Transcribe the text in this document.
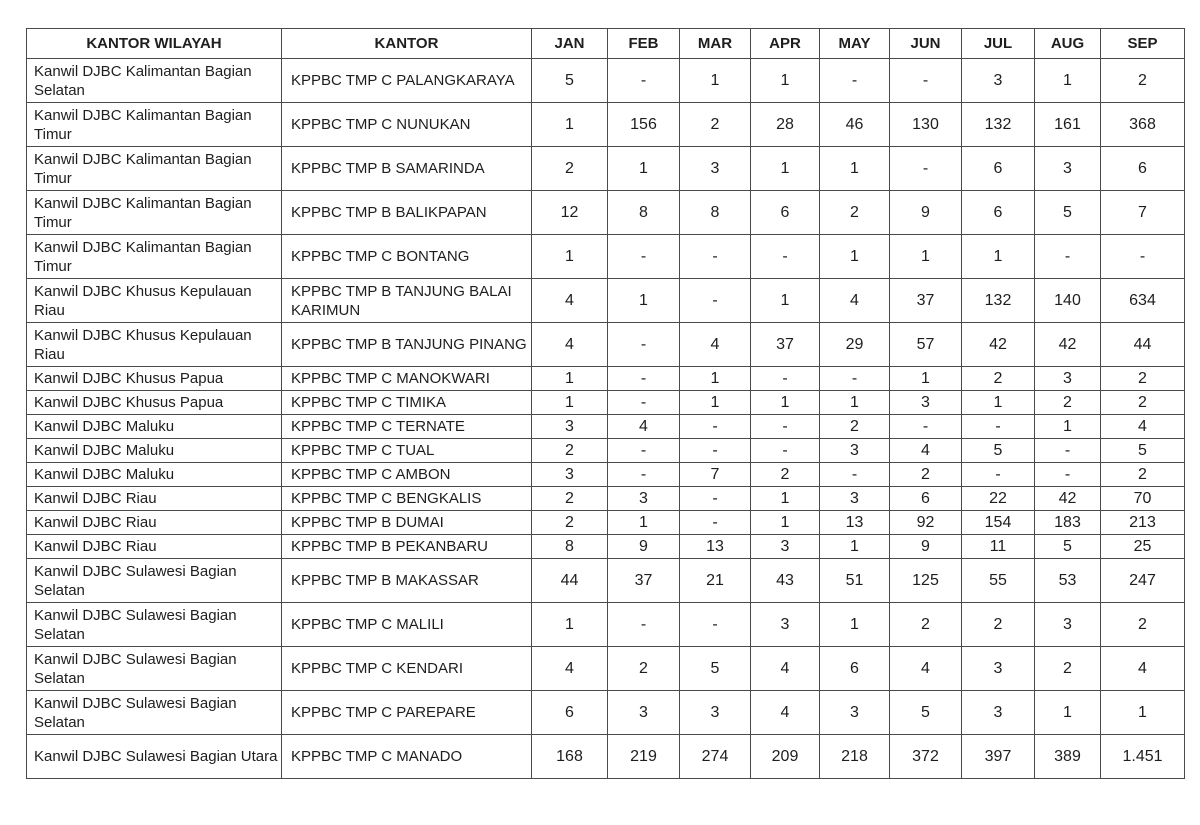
KANTOR WILAYAH	KANTOR	JAN	FEB	MAR	APR	MAY	JUN	JUL	AUG	SEP
Kanwil DJBC Kalimantan Bagian Selatan	KPPBC TMP C PALANGKARAYA	5	-	1	1	-	-	3	1	2
Kanwil DJBC Kalimantan Bagian Timur	KPPBC TMP C NUNUKAN	1	156	2	28	46	130	132	161	368
Kanwil DJBC Kalimantan Bagian Timur	KPPBC TMP B SAMARINDA	2	1	3	1	1	-	6	3	6
Kanwil DJBC Kalimantan Bagian Timur	KPPBC TMP B BALIKPAPAN	12	8	8	6	2	9	6	5	7
Kanwil DJBC Kalimantan Bagian Timur	KPPBC TMP C BONTANG	1	-	-	-	1	1	1	-	-
Kanwil DJBC Khusus Kepulauan Riau	KPPBC TMP B TANJUNG BALAI KARIMUN	4	1	-	1	4	37	132	140	634
Kanwil DJBC Khusus Kepulauan Riau	KPPBC TMP B TANJUNG PINANG	4	-	4	37	29	57	42	42	44
Kanwil DJBC Khusus Papua	KPPBC TMP C MANOKWARI	1	-	1	-	-	1	2	3	2
Kanwil DJBC Khusus Papua	KPPBC TMP C TIMIKA	1	-	1	1	1	3	1	2	2
Kanwil DJBC Maluku	KPPBC TMP C TERNATE	3	4	-	-	2	-	-	1	4
Kanwil DJBC Maluku	KPPBC TMP C TUAL	2	-	-	-	3	4	5	-	5
Kanwil DJBC Maluku	KPPBC TMP C AMBON	3	-	7	2	-	2	-	-	2
Kanwil DJBC Riau	KPPBC TMP C BENGKALIS	2	3	-	1	3	6	22	42	70
Kanwil DJBC Riau	KPPBC TMP B DUMAI	2	1	-	1	13	92	154	183	213
Kanwil DJBC Riau	KPPBC TMP B PEKANBARU	8	9	13	3	1	9	11	5	25
Kanwil DJBC Sulawesi Bagian Selatan	KPPBC TMP B MAKASSAR	44	37	21	43	51	125	55	53	247
Kanwil DJBC Sulawesi Bagian Selatan	KPPBC TMP C MALILI	1	-	-	3	1	2	2	3	2
Kanwil DJBC Sulawesi Bagian Selatan	KPPBC TMP C KENDARI	4	2	5	4	6	4	3	2	4
Kanwil DJBC Sulawesi Bagian Selatan	KPPBC TMP C PAREPARE	6	3	3	4	3	5	3	1	1
Kanwil DJBC Sulawesi Bagian Utara	KPPBC TMP C MANADO	168	219	274	209	218	372	397	389	1.451
